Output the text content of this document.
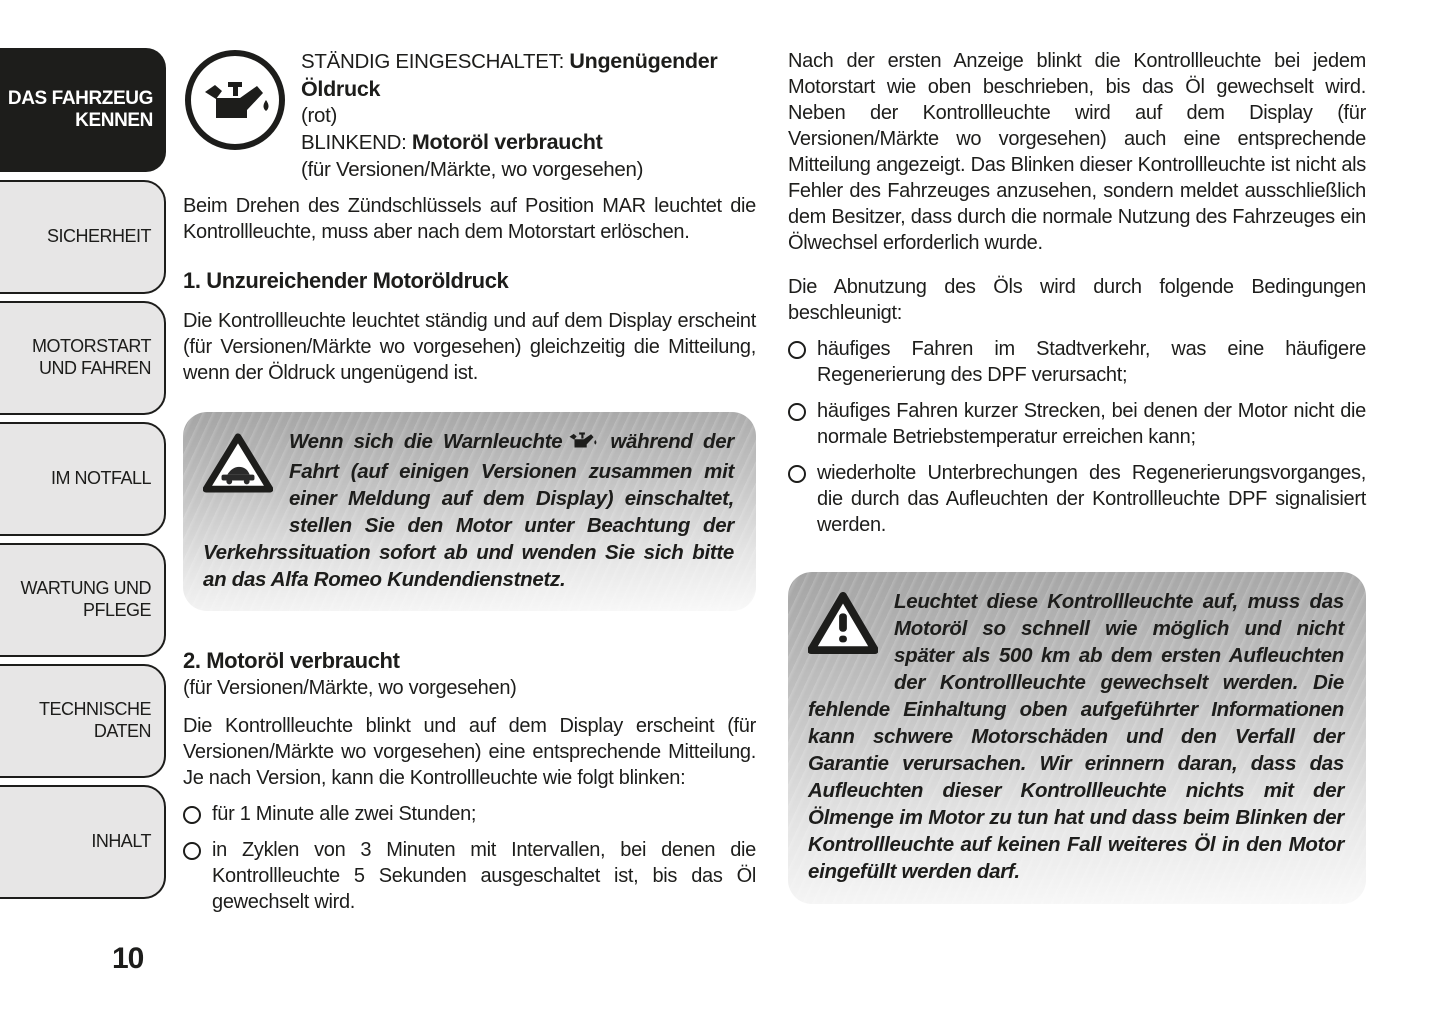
DAS FAHRZEUG KENNEN
SICHERHEIT
MOTORSTART UND FAHREN
IM NOTFALL
WARTUNG UND PFLEGE
TECHNISCHE DATEN
INHALT
10
STÄNDIG EINGESCHALTET: Ungenügender Öldruck
(rot)
BLINKEND: Motoröl verbraucht
(für Versionen/Märkte, wo vorgesehen)

Beim Drehen des Zündschlüssels auf Position MAR leuchtet die Kontrollleuchte, muss aber nach dem Motorstart erlöschen.

1. Unzureichender Motoröldruck

Die Kontrollleuchte leuchtet ständig und auf dem Display erscheint (für Versionen/Märkte wo vorgesehen) gleichzeitig die Mitteilung, wenn der Öldruck ungenügend ist.

Wenn sich die Warnleuchte während der Fahrt (auf einigen Versionen zusammen mit einer Meldung auf dem Display) einschaltet, stellen Sie den Motor unter Beachtung der Verkehrssituation sofort ab und wenden Sie sich bitte an das Alfa Romeo Kundendienstnetz.
2. Motoröl verbraucht
(für Versionen/Märkte, wo vorgesehen)

Die Kontrollleuchte blinkt und auf dem Display erscheint (für Versionen/Märkte wo vorgesehen) eine entsprechende Mitteilung. Je nach Version, kann die Kontrollleuchte wie folgt blinken:

für 1 Minute alle zwei Stunden;
in Zyklen von 3 Minuten mit Intervallen, bei denen die Kontrollleuchte 5 Sekunden ausgeschaltet ist, bis das Öl gewechselt wird.

Nach der ersten Anzeige blinkt die Kontrollleuchte bei jedem Motorstart wie oben beschrieben, bis das Öl gewechselt wird. Neben der Kontrollleuchte wird auf dem Display (für Versionen/Märkte wo vorgesehen) auch eine entsprechende Mitteilung angezeigt. Das Blinken dieser Kontrollleuchte ist nicht als Fehler des Fahrzeuges anzusehen, sondern meldet ausschließlich dem Besitzer, dass durch die normale Nutzung des Fahrzeuges ein Ölwechsel erforderlich wurde.

Die Abnutzung des Öls wird durch folgende Bedingungen beschleunigt:

häufiges Fahren im Stadtverkehr, was eine häufigere Regenerierung des DPF verursacht;
häufiges Fahren kurzer Strecken, bei denen der Motor nicht die normale Betriebstemperatur erreichen kann;
wiederholte Unterbrechungen des Regenerierungsvorganges, die durch das Aufleuchten der Kontrollleuchte DPF signalisiert werden.
Leuchtet diese Kontrollleuchte auf, muss das Motoröl so schnell wie möglich und nicht später als 500 km ab dem ersten Aufleuchten der Kontrollleuchte gewechselt werden. Die fehlende Einhaltung oben aufgeführter Informationen kann schwere Motorschäden und den Verfall der Garantie verursachen. Wir erinnern daran, dass das Aufleuchten dieser Kontrollleuchte nichts mit der Ölmenge im Motor zu tun hat und dass beim Blinken der Kontrollleuchte auf keinen Fall weiteres Öl in den Motor eingefüllt werden darf.
